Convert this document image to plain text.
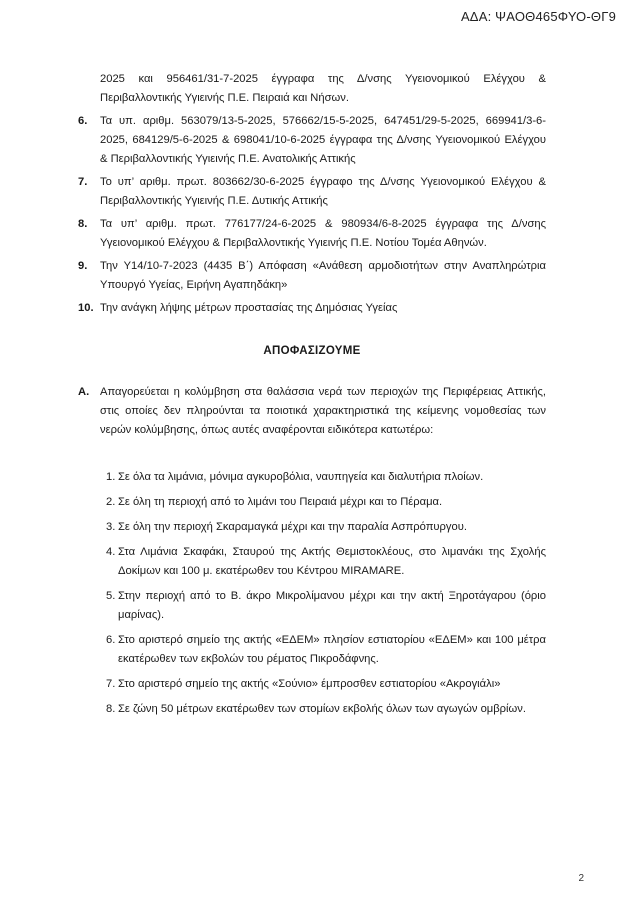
ΑΔΑ: ΨΑΟΘ465ΦΥΟ-ΘΓ9
2025 και 956461/31-7-2025 έγγραφα της Δ/νσης Υγειονομικού Ελέγχου & Περιβαλλοντικής Υγιεινής Π.Ε. Πειραιά και Νήσων.
6. Τα υπ. αριθμ. 563079/13-5-2025, 576662/15-5-2025, 647451/29-5-2025, 669941/3-6-2025, 684129/5-6-2025 & 698041/10-6-2025 έγγραφα της Δ/νσης Υγειονομικού Ελέγχου & Περιβαλλοντικής Υγιεινής Π.Ε. Ανατολικής Αττικής
7. Το υπ’ αριθμ. πρωτ. 803662/30-6-2025 έγγραφο της Δ/νσης Υγειονομικού Ελέγχου & Περιβαλλοντικής Υγιεινής Π.Ε. Δυτικής Αττικής
8. Τα υπ’ αριθμ. πρωτ. 776177/24-6-2025 & 980934/6-8-2025 έγγραφα της Δ/νσης Υγειονομικού Ελέγχου & Περιβαλλοντικής Υγιεινής Π.Ε. Νοτίου Τομέα Αθηνών.
9. Την Υ14/10-7-2023 (4435 Β΄) Απόφαση «Ανάθεση αρμοδιοτήτων στην Αναπληρώτρια Υπουργό Υγείας, Ειρήνη Αγαπηδάκη»
10. Την ανάγκη λήψης μέτρων προστασίας της Δημόσιας Υγείας
ΑΠΟΦΑΣΙΖΟΥΜΕ
Α. Απαγορεύεται η κολύμβηση στα θαλάσσια νερά των περιοχών της Περιφέρειας Αττικής, στις οποίες δεν πληρούνται τα ποιοτικά χαρακτηριστικά της κείμενης νομοθεσίας των νερών κολύμβησης, όπως αυτές αναφέρονται ειδικότερα κατωτέρω:
1. Σε όλα τα λιμάνια, μόνιμα αγκυροβόλια, ναυπηγεία και διαλυτήρια πλοίων.
2. Σε όλη τη περιοχή από το λιμάνι του Πειραιά μέχρι και το Πέραμα.
3. Σε όλη την περιοχή Σκαραμαγκά μέχρι και την παραλία Ασπρόπυργου.
4. Στα Λιμάνια Σκαφάκι, Σταυρού της Ακτής Θεμιστοκλέους, στο λιμανάκι της Σχολής Δοκίμων και 100 μ. εκατέρωθεν του Κέντρου MIRAMARE.
5. Στην περιοχή από το Β. άκρο Μικρολίμανου μέχρι και την ακτή Ξηροτάγαρου (όριο μαρίνας).
6. Στο αριστερό σημείο της ακτής «ΕΔΕΜ» πλησίον εστιατορίου «ΕΔΕΜ» και 100 μέτρα εκατέρωθεν των εκβολών του ρέματος Πικροδάφνης.
7. Στο αριστερό σημείο της ακτής «Σούνιο» έμπροσθεν εστιατορίου «Ακρογιάλι»
8. Σε ζώνη 50 μέτρων εκατέρωθεν των στομίων εκβολής όλων των αγωγών ομβρίων.
2
